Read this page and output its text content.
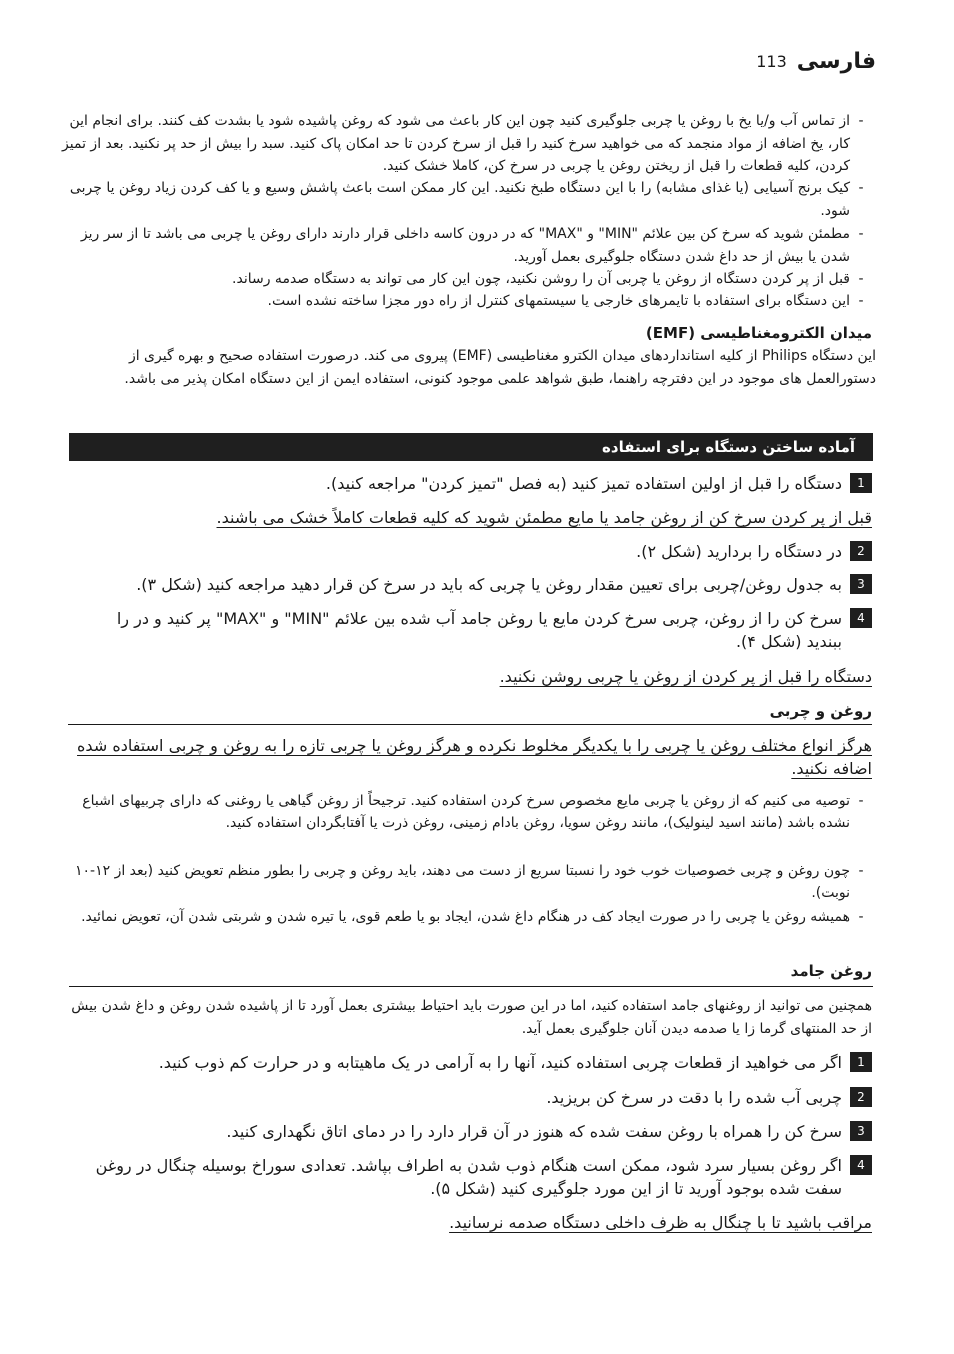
فارسی
113
-
از تماس آب و/یا یخ با روغن یا چربی جلوگیری کنید چون این کار باعث می شود که روغن پاشیده شود یا بشدت کف کنند. برای انجام این کار، یخ اضافه از مواد منجمد که می خواهید سرخ کنید را قبل از سرخ کردن تا حد امکان پاک کنید. سبد را بیش از حد پر نکنید. بعد از تمیز کردن، کلیه قطعات را قبل از ریختن روغن یا چربی در سرخ کن، کاملا خشک کنید.
-
کیک برنج آسیایی (یا غذای مشابه) را با این دستگاه طبخ نکنید. این کار ممکن است باعث پاشش وسیع و یا کف کردن زیاد روغن یا چربی شود.
-
مطمئن شوید که سرخ کن بین علائم "MIN" و "MAX" که در درون کاسه داخلی قرار دارند دارای روغن یا چربی می باشد تا از سر ریز شدن یا بیش از حد داغ شدن دستگاه جلوگیری بعمل آورید.
-
قبل از پر کردن دستگاه از روغن یا چربی آن را روشن نکنید، چون این کار می تواند به دستگاه صدمه رساند.
-
این دستگاه برای استفاده با تایمرهای خارجی یا سیستمهای کنترل از راه دور مجزا ساخته نشده است.
میدان الکترومغناطیسی (EMF)
این دستگاه Philips از کلیه استانداردهای میدان الکترو مغناطیسی (EMF) پیروی می کند. درصورت استفاده صحیح و بهره گیری از دستورالعمل های موجود در این دفترچه راهنما، طبق شواهد علمی موجود کنونی، استفاده ایمن از این دستگاه امکان پذیر می باشد.
آماده ساختن دستگاه برای استفاده
1
دستگاه را قبل از اولین استفاده تمیز کنید (به فصل "تمیز کردن" مراجعه کنید).
قبل از پر کردن سرخ کن از روغن جامد یا مایع مطمئن شوید که کلیه قطعات کاملاً خشک می باشند.
2
در دستگاه را بردارید (شکل ۲).
3
به جدول روغن/چربی برای تعیین مقدار روغن یا چربی که باید در سرخ کن قرار دهید مراجعه کنید (شکل ۳).
4
سرخ کن را از روغن، چربی سرخ کردن مایع یا روغن جامد آب شده بین علائم "MIN" و "MAX" پر کنید و در را ببندید (شکل ۴).
دستگاه را قبل از پر کردن از روغن یا چربی روشن نکنید.
روغن و چربی
هرگز انواع مختلف روغن یا چربی را با یکدیگر مخلوط نکرده و هرگز روغن یا چربی تازه را به روغن و چربی استفاده شده اضافه نکنید.
-
توصیه می کنیم که از روغن یا چربی مایع مخصوص سرخ کردن استفاده کنید. ترجیحاً از روغن گیاهی یا روغنی که دارای چربیهای اشباع نشده باشد (مانند اسید لینولیک)، مانند روغن سویا، روغن بادام زمینی، روغن ذرت یا آفتابگردان استفاده کنید.
-
چون روغن و چربی خصوصیات خوب خود را نسبتا سریع از دست می دهند، باید روغن و چربی را بطور منظم تعویض کنید (بعد از ۱۲-۱۰ نوبت).
-
همیشه روغن یا چربی را در صورت ایجاد کف در هنگام داغ شدن، ایجاد بو یا طعم قوی، یا تیره شدن و شربتی شدن آن، تعویض نمائید.
روغن جامد
همچنین می توانید از روغنهای جامد استفاده کنید، اما در این صورت باید احتیاط بیشتری بعمل آورد تا از پاشیده شدن روغن و داغ شدن بیش از حد المنتهای گرما زا یا صدمه دیدن آنان جلوگیری بعمل آید.
1
اگر می خواهید از قطعات چربی استفاده کنید، آنها را به آرامی در یک ماهیتابه و در حرارت کم ذوب کنید.
2
چربی آب شده را با دقت در سرخ کن بریزید.
3
سرخ کن را همراه با روغن سفت شده که هنوز در آن قرار دارد را در دمای اتاق نگهداری کنید.
4
اگر روغن بسیار سرد شود، ممکن است هنگام ذوب شدن به اطراف بپاشد. تعدادی سوراخ بوسیله چنگال در روغن سفت شده بوجود آورید تا از این مورد جلوگیری کنید (شکل ۵).
مراقب باشید تا با چنگال به ظرف داخلی دستگاه صدمه نرسانید.
